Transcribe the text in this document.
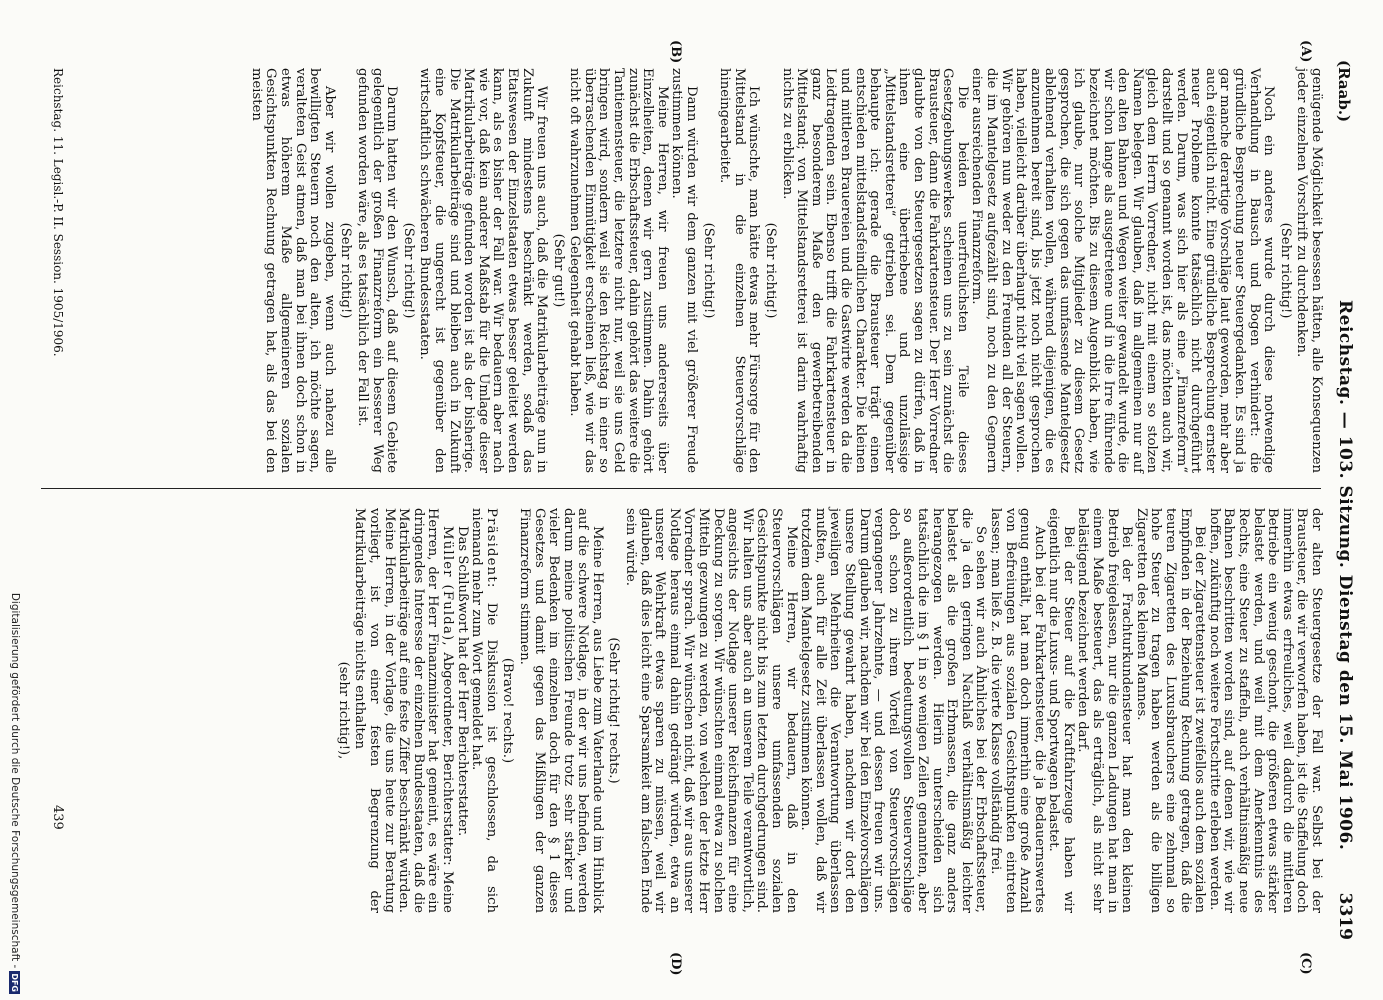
(Raab.)
Reichstag. — 103. Sitzung. Dienstag den 15. Mai 1906.
3319
(A)
(B)
(C)
(D)

genügende Möglichkeit besessen hätten, alle Konsequenzen jeder einzelnen Vorschrift zu durchdenken.

(Sehr richtig!)

Noch ein anderes wurde durch diese notwendige Verhandlung in Bausch und Bogen verhindert: die gründliche Besprechung neuer Steuergedanken. Es sind ja gar manche derartige Vorschläge laut geworden, mehr aber auch eigentlich nicht. Eine gründliche Besprechung ernster neuer Probleme konnte tatsächlich nicht durchgeführt werden. Darum, was sich hier als eine „Finanzreform“ darstellt und so genannt worden ist, das möchten auch wir, gleich dem Herrn Vorredner, nicht mit einem so stolzen Namen belegen. Wir glauben, daß im allgemeinen nur auf den alten Bahnen und Wegen weiter gewandelt wurde, die wir schon lange als ausgetretene und in die Irre führende bezeichnet möchten. Bis zu diesem Augenblick haben, wie ich glaube, nur solche Mitglieder zu diesem Gesetz gesprochen, die sich gegen das umfassende Mantelgesetz ablehnend verhalten wollen, während diejenigen, die es anzunehmen bereit sind, bis jetzt noch nicht gesprochen haben, vielleicht darüber überhaupt nicht viel sagen wollen. Wir gehören nun weder zu den Freunden all der Steuern, die im Mantelgesetz aufgezählt sind, noch zu den Gegnern einer ausreichenden Finanzreform.

Die beiden unerfreulichsten Teile dieses Gesetzgebungswerkes scheinen uns zu sein zunächst die Brausteuer, dann die Fahrkartensteuer. Der Herr Vorredner glaubte von den Steuergesetzen sagen zu dürfen, daß in ihnen eine übertriebene und unzulässige „Mittelstandsretterei“ getrieben sei. Dem gegenüber behaupte ich: gerade die Brausteuer trägt einen entschieden mittelstandsfeindlichen Charakter. Die kleinen und mittleren Brauereien und die Gastwirte werden da die Leidtragenden sein. Ebenso trifft die Fahrkartensteuer in ganz besonderem Maße den gewerbetreibenden Mittelstand; von Mittelstandsretterei ist darin wahrhaftig nichts zu erblicken.

(Sehr richtig!)

Ich wünschte, man hätte etwas mehr Fürsorge für den Mittelstand in die einzelnen Steuervorschläge hineingearbeitet.

(Sehr richtig!)

Dann würden wir dem ganzen mit viel größerer Freude zustimmen können.

Meine Herren, wir freuen uns andererseits über Einzelheiten, denen wir gern zustimmen. Dahin gehört zunächst die Erbschaftssteuer, dahin gehört das weitere die Tantiemensteuer, die letztere nicht nur, weil sie uns Geld bringen wird, sondern weil sie den Reichstag in einer so überraschenden Einmütigkeit erscheinen ließ, wie wir das nicht oft wahrzunehmen Gelegenheit gehabt haben.

(Sehr gut!)

Wir freuen uns auch, daß die Matrikularbeiträge nun in Zukunft mindestens beschränkt werden, sodaß das Etatswesen der Einzelstaaten etwas besser geleitet werden kann, als es bisher der Fall war. Wir bedauern aber nach wie vor, daß kein anderer Maßstab für die Umlage dieser Matrikularbeiträge gefunden worden ist als der bisherige. Die Matrikularbeiträge sind und bleiben auch in Zukunft eine Kopfsteuer, die ungerecht ist gegenüber den wirtschaftlich schwächeren Bundesstaaten.

(Sehr richtig!)

Darum hatten wir den Wunsch, daß auf diesem Gebiete gelegentlich der großen Finanzreform ein besserer Weg gefunden worden wäre, als es tatsächlich der Fall ist.

(Sehr richtig!)

Aber wir wollen zugeben, wenn auch nahezu alle bewilligten Steuern noch den alten, ich möchte sagen, veralteten Geist atmen, daß man bei ihnen doch schon in etwas höherem Maße allgemeineren sozialen Gesichtspunkten Rechnung getragen hat, als das bei den meisten

der alten Steuergesetze der Fall war. Selbst bei der Brausteuer, die wir verworfen haben, ist die Staffelung doch immerhin etwas erfreuliches, weil dadurch die mittleren Betriebe ein wenig geschont, die größeren etwas stärker belastet werden, und weil mit dem Anerkenntnis des Rechts, eine Steuer zu staffeln, auch verhältnismäßig neue Bahnen beschritten worden sind, auf denen wir, wie wir hoffen, zukünftig noch weitere Fortschritte erleben werden.

Bei der Zigarettensteuer ist zweifellos auch dem sozialen Empfinden in der Beziehung Rechnung getragen, daß die teuren Zigaretten des Luxusbrauchers eine zehnmal so hohe Steuer zu tragen haben werden als die billigen Zigaretten des kleinen Mannes.

Bei der Frachturkundensteuer hat man den kleinen Betrieb freigelassen, nur die ganzen Ladungen hat man in einem Maße besteuert, das als erträglich, als nicht sehr belästigend bezeichnet werden darf.

Bei der Steuer auf die Kraftfahrzeuge haben wir eigentlich nur die Luxus- und Sportwagen belastet.

Auch bei der Fahrkartensteuer, die ja Bedauernswertes genug enthält, hat man doch immerhin eine große Anzahl von Befreiungen aus sozialen Gesichtspunkten eintreten lassen; man ließ z. B. die vierte Klasse vollständig frei.

So sehen wir auch Ähnliches bei der Erbschaftssteuer, die ja den geringen Nachlaß verhältnismäßig leichter belastet als die großen Erbmassen, die ganz anders herangezogen werden. Hierin unterscheiden sich tatsächlich die im § 1 in so wenigen Zeilen genannten, aber so außerordentlich bedeutungsvollen Steuervorschläge doch schon zu ihrem Vorteil von Steuervorschlägen vergangener Jahrzehnte, — und dessen freuen wir uns. Darum glauben wir, nachdem wir bei den Einzelvorschlägen unsere Stellung gewahrt haben, nachdem wir dort den jeweiligen Mehrheiten die Verantwortung überlassen mußten, auch für alle Zeit überlassen wollen, daß wir trotzdem dem Mantelgesetz zustimmen können.

Meine Herren, wir bedauern, daß in den Steuervorschlägen unsere umfassenden sozialen Gesichtspunkte nicht bis zum letzten durchgedrungen sind. Wir halten uns aber auch an unserem Teile verantwortlich, angesichts der Notlage unserer Reichsfinanzen für eine Deckung zu sorgen. Wir wünschten einmal etwa zu solchen Mitteln gezwungen zu werden, von welchen der letzte Herr Vorredner sprach. Wir wünschen nicht, daß wir aus unserer Notlage heraus einmal dahin gedrängt würden, etwa an unserer Wehrkraft etwas sparen zu müssen, weil wir glauben, daß dies leicht eine Sparsamkeit am falschen Ende sein würde.

(Sehr richtig! rechts.)

Meine Herren, aus Liebe zum Vaterlande und im Hinblick auf die schwere Notlage, in der wir uns befinden, werden darum meine politischen Freunde trotz sehr starker und vieler Bedenken im einzelnen doch für den § 1 dieses Gesetzes und damit gegen das Mißlingen der ganzen Finanzreform stimmen.

(Bravo! rechts.)

Präsident: Die Diskussion ist geschlossen, da sich niemand mehr zum Wort gemeldet hat.

Das Schlußwort hat der Herr Berichterstatter.

Müller (Fulda), Abgeordneter, Berichterstatter: Meine Herren, der Herr Finanzminister hat gemeint, es wäre ein dringendes Interesse der einzelnen Bundesstaaten, daß die Matrikularbeiträge auf eine feste Ziffer beschränkt würden. Meine Herren, in der Vorlage, die uns heute zur Beratung vorliegt, ist von einer festen Begrenzung der Matrikularbeiträge nichts enthalten

(sehr richtig!),

Reichstag. 11. Legisl.-P. II. Session. 1905/1906.
439
Digitalisierung gefördert durch die Deutsche Forschungsgemeinschaft -DFG
